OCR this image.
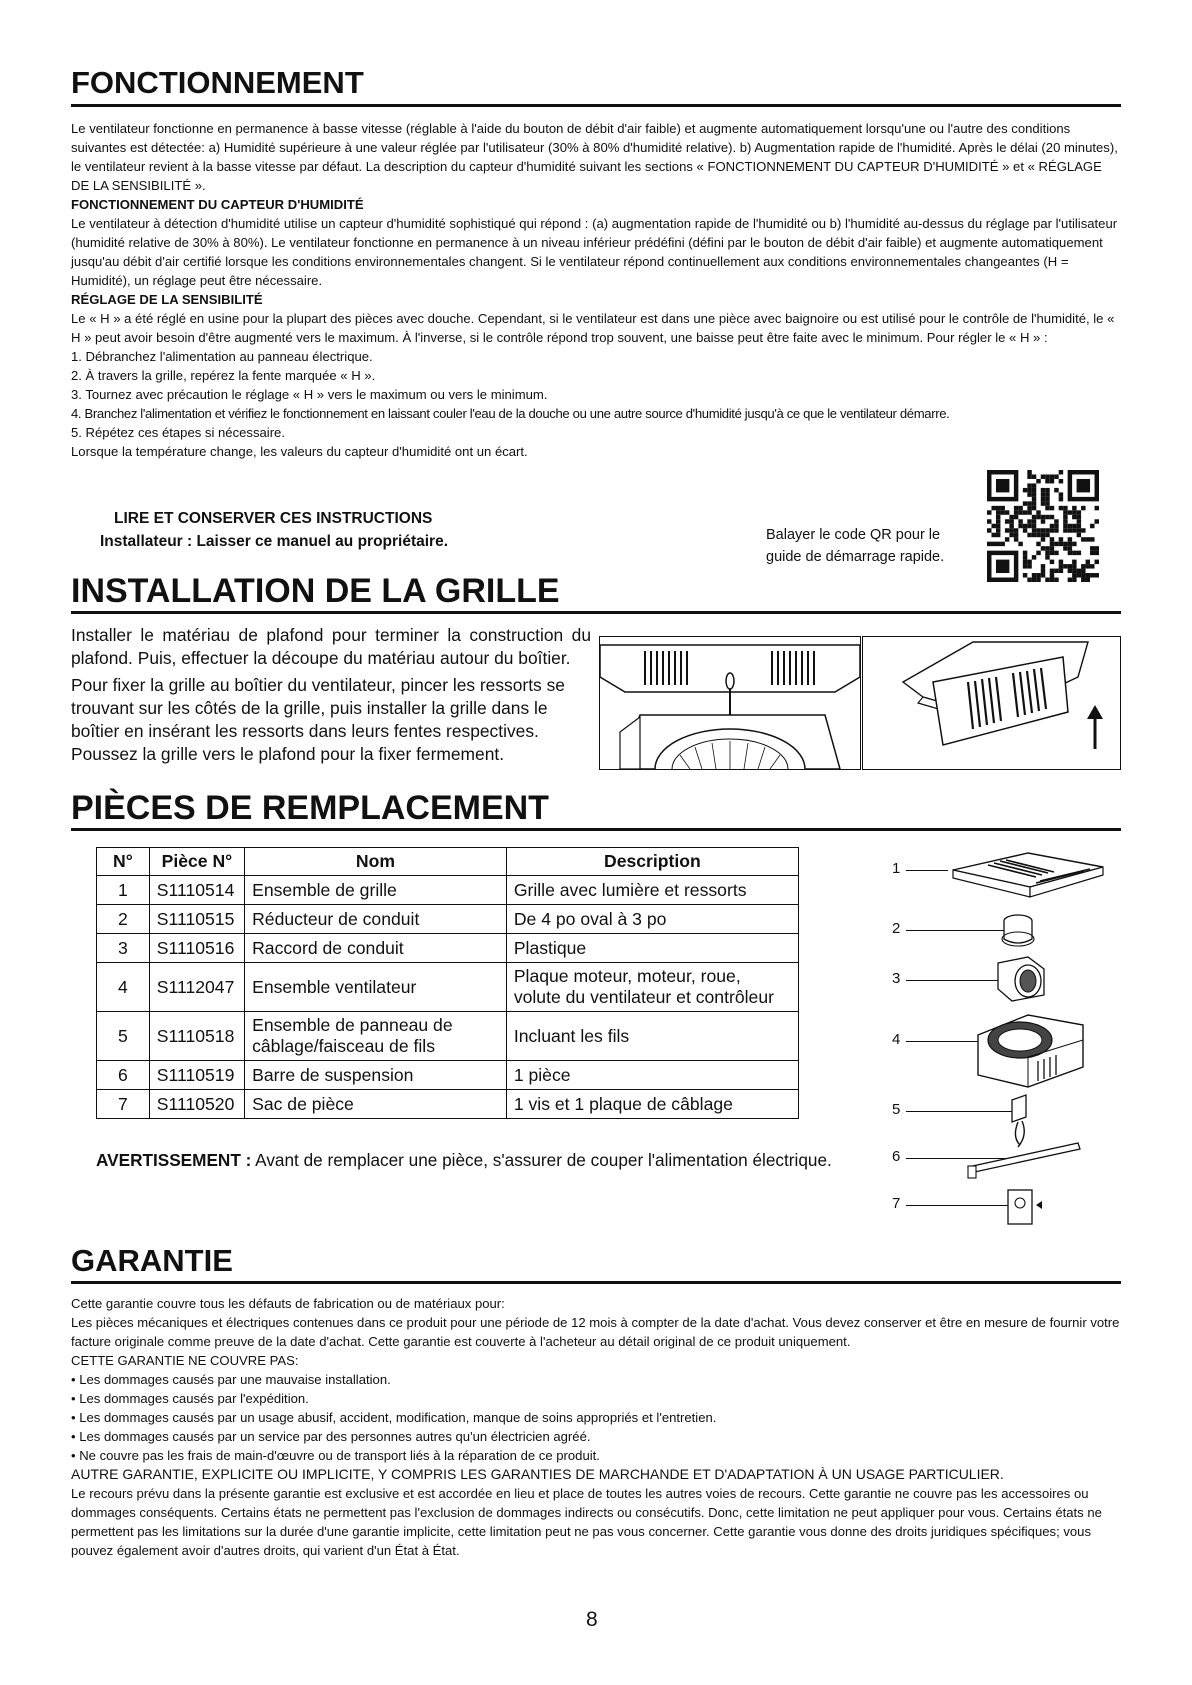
FONCTIONNEMENT

Le ventilateur fonctionne en permanence à basse vitesse (réglable à l'aide du bouton de débit d'air faible) et augmente automatiquement lorsqu'une ou l'autre des conditions suivantes est détectée: a) Humidité supérieure à une valeur réglée par l'utilisateur (30% à 80% d'humidité relative). b) Augmentation rapide de l'humidité. Après le délai (20 minutes), le ventilateur revient à la basse vitesse par défaut. La description du capteur d'humidité suivant les sections « FONCTIONNEMENT DU CAPTEUR D'HUMIDITÉ » et « RÉGLAGE DE LA SENSIBILITÉ ».

FONCTIONNEMENT DU CAPTEUR D'HUMIDITÉ

Le ventilateur à détection d'humidité utilise un capteur d'humidité sophistiqué qui répond : (a) augmentation rapide de l'humidité ou b) l'humidité au-dessus du réglage par l'utilisateur (humidité relative de 30% à 80%). Le ventilateur fonctionne en permanence à un niveau inférieur prédéfini (défini par le bouton de débit d'air faible) et augmente automatiquement jusqu'au débit d'air certifié lorsque les conditions environnementales changent. Si le ventilateur répond continuellement aux conditions environnementales changeantes (H = Humidité), un réglage peut être nécessaire.

RÉGLAGE DE LA SENSIBILITÉ

Le « H » a été réglé en usine pour la plupart des pièces avec douche. Cependant, si le ventilateur est dans une pièce avec baignoire ou est utilisé pour le contrôle de l'humidité, le « H » peut avoir besoin d'être augmenté vers le maximum. À l'inverse, si le contrôle répond trop souvent, une baisse peut être faite avec le minimum. Pour régler le « H » :

1. Débranchez l'alimentation au panneau électrique.

2. À travers la grille, repérez la fente marquée « H ».

3. Tournez avec précaution le réglage « H » vers le maximum ou vers le minimum.

4. Branchez l'alimentation et vérifiez le fonctionnement en laissant couler l'eau de la douche ou une autre source d'humidité jusqu'à ce que le ventilateur démarre.

5. Répétez ces étapes si nécessaire.

Lorsque la température change, les valeurs du capteur d'humidité ont un écart.

LIRE ET CONSERVER CES INSTRUCTIONS
Installateur : Laisser ce manuel au propriétaire.	Balayer le code QR pour le
guide de démarrage rapide.
INSTALLATION DE LA GRILLE

Installer le matériau de plafond pour terminer la construction du plafond. Puis, effectuer la découpe du matériau autour du boîtier.

Pour fixer la grille au boîtier du ventilateur, pincer les ressorts se trouvant sur les côtés de la grille, puis installer la grille dans le boîtier en insérant les ressorts dans leurs fentes respectives. Poussez la grille vers le plafond pour la fixer fermement.

PIÈCES DE REMPLACEMENT
N°	Pièce N°	Nom	Description
1	S1110514	Ensemble de grille	Grille avec lumière et ressorts
2	S1110515	Réducteur de conduit	De 4 po oval à 3 po
3	S1110516	Raccord de conduit	Plastique
4	S1112047	Ensemble ventilateur	Plaque moteur, moteur, roue, volute du ventilateur et contrôleur
5	S1110518	Ensemble de panneau de câblage/faisceau de fils	Incluant les fils
6	S1110519	Barre de suspension	1 pièce
7	S1110520	Sac de pièce	1 vis et 1 plaque de câblage
AVERTISSEMENT : Avant de remplacer une pièce, s'assurer de couper l'alimentation électrique.
1
2
3
4
5
6
7
GARANTIE

Cette garantie couvre tous les défauts de fabrication ou de matériaux pour:

Les pièces mécaniques et électriques contenues dans ce produit pour une période de 12 mois à compter de la date d'achat. Vous devez conserver et être en mesure de fournir votre facture originale comme preuve de la date d'achat. Cette garantie est couverte à l'acheteur au détail original de ce produit uniquement.

CETTE GARANTIE NE COUVRE PAS:

• Les dommages causés par une mauvaise installation.

• Les dommages causés par l'expédition.

• Les dommages causés par un usage abusif, accident, modification, manque de soins appropriés et l'entretien.

• Les dommages causés par un service par des personnes autres qu'un électricien agréé.

• Ne couvre pas les frais de main-d'œuvre ou de transport liés à la réparation de ce produit.

AUTRE GARANTIE, EXPLICITE OU IMPLICITE, Y COMPRIS LES GARANTIES DE MARCHANDE ET D'ADAPTATION À UN USAGE PARTICULIER.

Le recours prévu dans la présente garantie est exclusive et est accordée en lieu et place de toutes les autres voies de recours. Cette garantie ne couvre pas les accessoires ou dommages conséquents. Certains états ne permettent pas l'exclusion de dommages indirects ou consécutifs. Donc, cette limitation ne peut appliquer pour vous. Certains états ne permettent pas les limitations sur la durée d'une garantie implicite, cette limitation peut ne pas vous concerner. Cette garantie vous donne des droits juridiques spécifiques; vous pouvez également avoir d'autres droits, qui varient d'un État à État.

8
